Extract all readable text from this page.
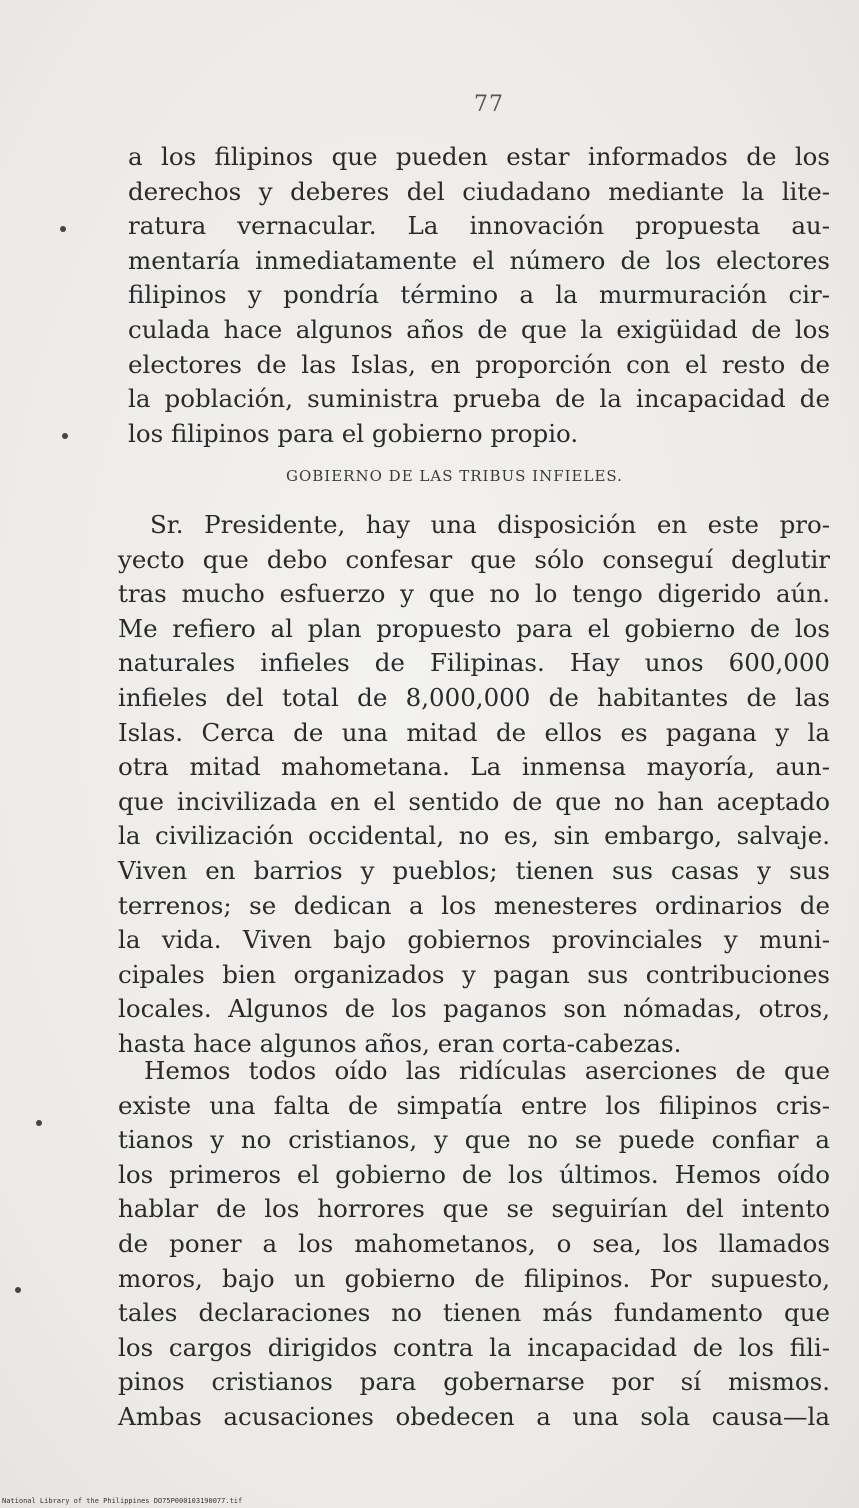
77
a los filipinos que pueden estar informados de los
derechos y deberes del ciudadano mediante la lite-
ratura vernacular. La innovación propuesta au-
mentaría inmediatamente el número de los electores
filipinos y pondría término a la murmuración cir-
culada hace algunos años de que la exigüidad de los
electores de las Islas, en proporción con el resto de
la población, suministra prueba de la incapacidad de
los filipinos para el gobierno propio.
GOBIERNO DE LAS TRIBUS INFIELES.
Sr. Presidente, hay una disposición en este pro-
yecto que debo confesar que sólo conseguí deglutir
tras mucho esfuerzo y que no lo tengo digerido aún.
Me refiero al plan propuesto para el gobierno de los
naturales infieles de Filipinas. Hay unos 600,000
infieles del total de 8,000,000 de habitantes de las
Islas. Cerca de una mitad de ellos es pagana y la
otra mitad mahometana. La inmensa mayoría, aun-
que incivilizada en el sentido de que no han aceptado
la civilización occidental, no es, sin embargo, salvaje.
Viven en barrios y pueblos; tienen sus casas y sus
terrenos; se dedican a los menesteres ordinarios de
la vida. Viven bajo gobiernos provinciales y muni-
cipales bien organizados y pagan sus contribuciones
locales. Algunos de los paganos son nómadas, otros,
hasta hace algunos años, eran corta-cabezas.
Hemos todos oído las ridículas aserciones de que
existe una falta de simpatía entre los filipinos cris-
tianos y no cristianos, y que no se puede confiar a
los primeros el gobierno de los últimos. Hemos oído
hablar de los horrores que se seguirían del intento
de poner a los mahometanos, o sea, los llamados
moros, bajo un gobierno de filipinos. Por supuesto,
tales declaraciones no tienen más fundamento que
los cargos dirigidos contra la incapacidad de los fili-
pinos cristianos para gobernarse por sí mismos.
Ambas acusaciones obedecen a una sola causa—la
National Library of the Philippines DO75P000103190077.tif
